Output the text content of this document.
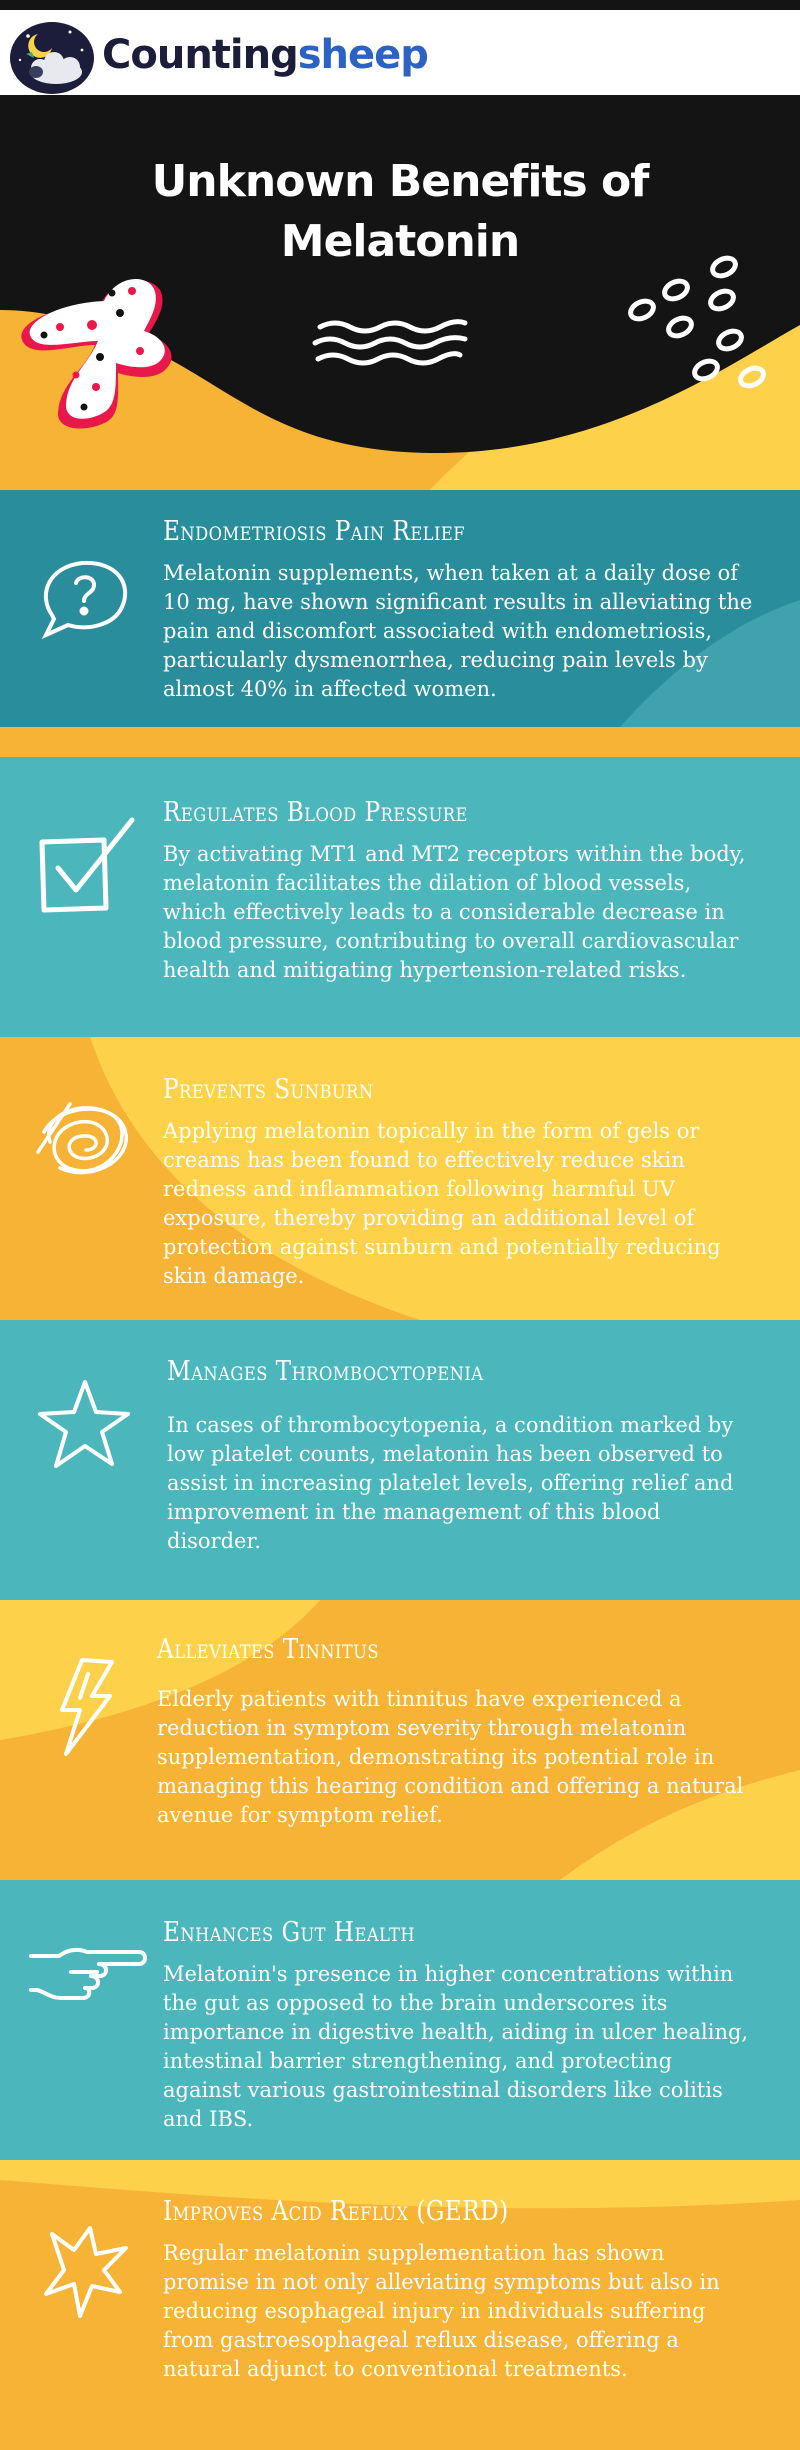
Countingsheep
Unknown Benefits of
Melatonin
Endometriosis Pain Relief

Melatonin supplements, when taken at a daily dose of 10 mg, have shown significant results in alleviating the pain and discomfort associated with endometriosis, particularly dysmenorrhea, reducing pain levels by almost 40% in affected women.

Regulates Blood Pressure

By activating MT1 and MT2 receptors within the body, melatonin facilitates the dilation of blood vessels, which effectively leads to a considerable decrease in blood pressure, contributing to overall cardiovascular health and mitigating hypertension-related risks.

Prevents Sunburn

Applying melatonin topically in the form of gels or creams has been found to effectively reduce skin redness and inflammation following harmful UV exposure, thereby providing an additional level of protection against sunburn and potentially reducing skin damage.

Manages Thrombocytopenia

In cases of thrombocytopenia, a condition marked by low platelet counts, melatonin has been observed to assist in increasing platelet levels, offering relief and improvement in the management of this blood disorder.

Alleviates Tinnitus

Elderly patients with tinnitus have experienced a reduction in symptom severity through melatonin supplementation, demonstrating its potential role in managing this hearing condition and offering a natural avenue for symptom relief.

Enhances Gut Health

Melatonin's presence in higher concentrations within the gut as opposed to the brain underscores its importance in digestive health, aiding in ulcer healing, intestinal barrier strengthening, and protecting against various gastrointestinal disorders like colitis and IBS.

Improves Acid Reflux (GERD)

Regular melatonin supplementation has shown promise in not only alleviating symptoms but also in reducing esophageal injury in individuals suffering from gastroesophageal reflux disease, offering a natural adjunct to conventional treatments.
